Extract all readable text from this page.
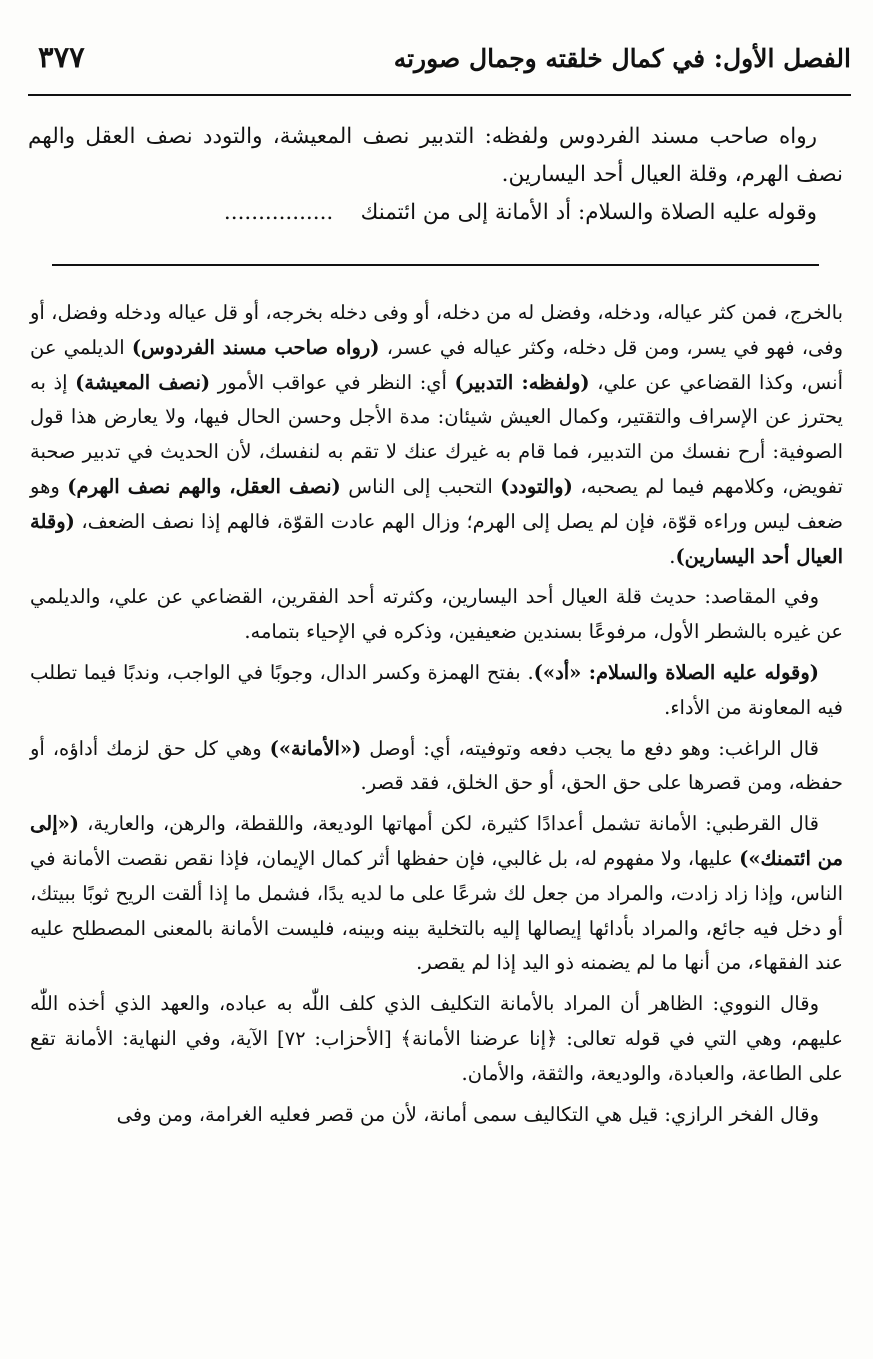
الفصل الأول: في كمال خلقته وجمال صورته
٣٧٧

رواه صاحب مسند الفردوس ولفظه: التدبير نصف المعيشة، والتودد نصف العقل والهم نصف الهرم، وقلة العيال أحد اليسارين.

وقوله عليه الصلاة والسلام: أد الأمانة إلى من ائتمنك    ................

بالخرج، فمن كثر عياله، ودخله، وفضل له من دخله، أو وفى دخله بخرجه، أو قل عياله ودخله وفضل، أو وفى، فهو في يسر، ومن قل دخله، وكثر عياله في عسر، (رواه صاحب مسند الفردوس) الديلمي عن أنس، وكذا القضاعي عن علي، (ولفظه: التدبير) أي: النظر في عواقب الأمور (نصف المعيشة) إذ به يحترز عن الإسراف والتقتير، وكمال العيش شيئان: مدة الأجل وحسن الحال فيها، ولا يعارض هذا قول الصوفية: أرح نفسك من التدبير، فما قام به غيرك عنك لا تقم به لنفسك، لأن الحديث في تدبير صحبة تفويض، وكلامهم فيما لم يصحبه، (والتودد) التحبب إلى الناس (نصف العقل، والهم نصف الهرم) وهو ضعف ليس وراءه قوّة، فإن لم يصل إلى الهرم؛ وزال الهم عادت القوّة، فالهم إذا نصف الضعف، (وقلة العيال أحد اليسارين).

وفي المقاصد: حديث قلة العيال أحد اليسارين، وكثرته أحد الفقرين، القضاعي عن علي، والديلمي عن غيره بالشطر الأول، مرفوعًا بسندين ضعيفين، وذكره في الإحياء بتمامه.

(وقوله عليه الصلاة والسلام: «أد»). بفتح الهمزة وكسر الدال، وجوبًا في الواجب، وندبًا فيما تطلب فيه المعاونة من الأداء.

قال الراغب: وهو دفع ما يجب دفعه وتوفيته، أي: أوصل («الأمانة») وهي كل حق لزمك أداؤه، أو حفظه، ومن قصرها على حق الحق، أو حق الخلق، فقد قصر.

قال القرطبي: الأمانة تشمل أعدادًا كثيرة، لكن أمهاتها الوديعة، واللقطة، والرهن، والعارية، («إلى من ائتمنك») عليها، ولا مفهوم له، بل غالبي، فإن حفظها أثر كمال الإيمان، فإذا نقص نقصت الأمانة في الناس، وإذا زاد زادت، والمراد من جعل لك شرعًا على ما لديه يدًا، فشمل ما إذا ألقت الريح ثوبًا ببيتك، أو دخل فيه جائع، والمراد بأدائها إيصالها إليه بالتخلية بينه وبينه، فليست الأمانة بالمعنى المصطلح عليه عند الفقهاء، من أنها ما لم يضمنه ذو اليد إذا لم يقصر.

وقال النووي: الظاهر أن المراد بالأمانة التكليف الذي كلف اللّٰه به عباده، والعهد الذي أخذه اللّٰه عليهم، وهي التي في قوله تعالى: ﴿إنا عرضنا الأمانة﴾ [الأحزاب: ٧٢] الآية، وفي النهاية: الأمانة تقع على الطاعة، والعبادة، والوديعة، والثقة، والأمان.

وقال الفخر الرازي: قيل هي التكاليف سمى أمانة، لأن من قصر فعليه الغرامة، ومن وفى
